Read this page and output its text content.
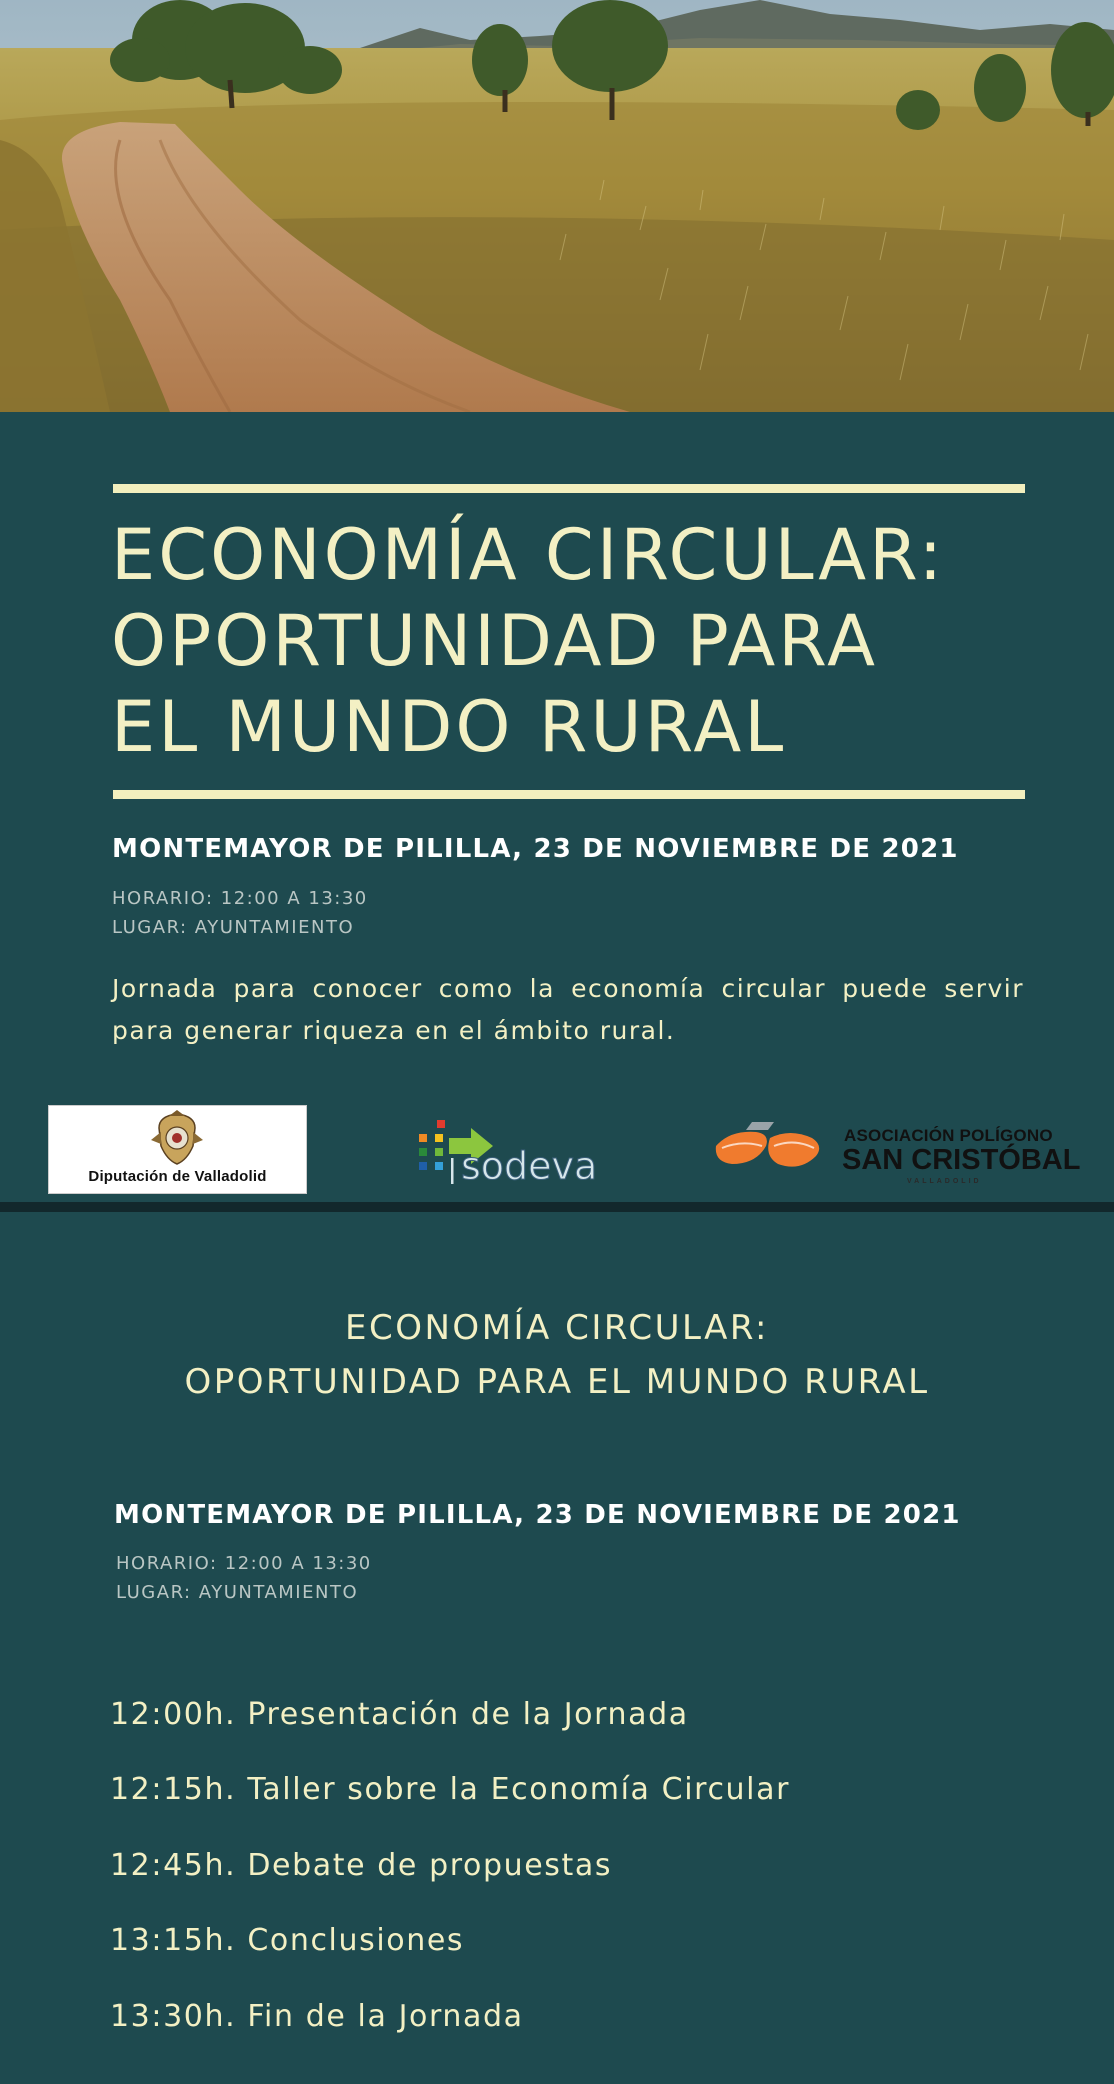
ECONOMÍA CIRCULAR:
OPORTUNIDAD PARA
EL MUNDO RURAL
MONTEMAYOR DE PILILLA, 23 DE NOVIEMBRE DE 2021
HORARIO: 12:00 A 13:30
LUGAR: AYUNTAMIENTO
Jornada para conocer como la economía circular puede servir para generar riqueza en el ámbito rural.
Diputación de Valladolid	sodeva
ASOCIACIÓN POLÍGONO
SAN CRISTÓBAL
VALLADOLID
ECONOMÍA CIRCULAR:
OPORTUNIDAD PARA EL MUNDO RURAL
MONTEMAYOR DE PILILLA, 23 DE NOVIEMBRE DE 2021
HORARIO: 12:00 A 13:30
LUGAR: AYUNTAMIENTO
12:00h. Presentación de la Jornada
12:15h. Taller sobre la Economía Circular
12:45h. Debate de propuestas
13:15h. Conclusiones
13:30h. Fin de la Jornada
